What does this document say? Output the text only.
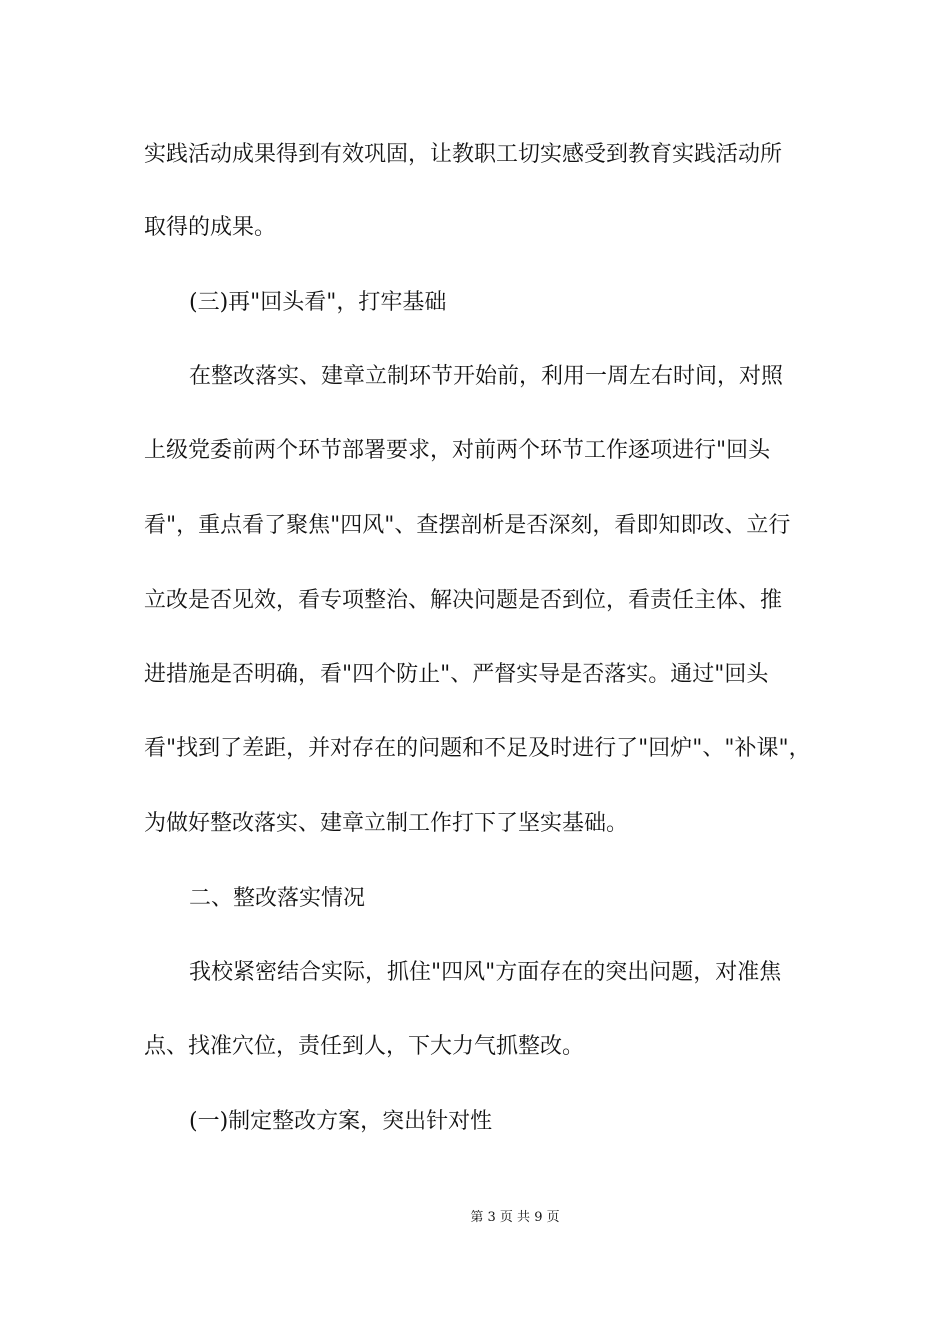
实践活动成果得到有效巩固，让教职工切实感受到教育实践活动所
取得的成果。
(三)再"回头看"，打牢基础
在整改落实、建章立制环节开始前，利用一周左右时间，对照
上级党委前两个环节部署要求，对前两个环节工作逐项进行"回头
看"，重点看了聚焦"四风"、查摆剖析是否深刻，看即知即改、立行
立改是否见效，看专项整治、解决问题是否到位，看责任主体、推
进措施是否明确，看"四个防止"、严督实导是否落实。通过"回头
看"找到了差距，并对存在的问题和不足及时进行了"回炉"、"补课"，
为做好整改落实、建章立制工作打下了坚实基础。
二、整改落实情况
我校紧密结合实际，抓住"四风"方面存在的突出问题，对准焦
点、找准穴位，责任到人，下大力气抓整改。
(一)制定整改方案，突出针对性
第 3 页 共 9 页
